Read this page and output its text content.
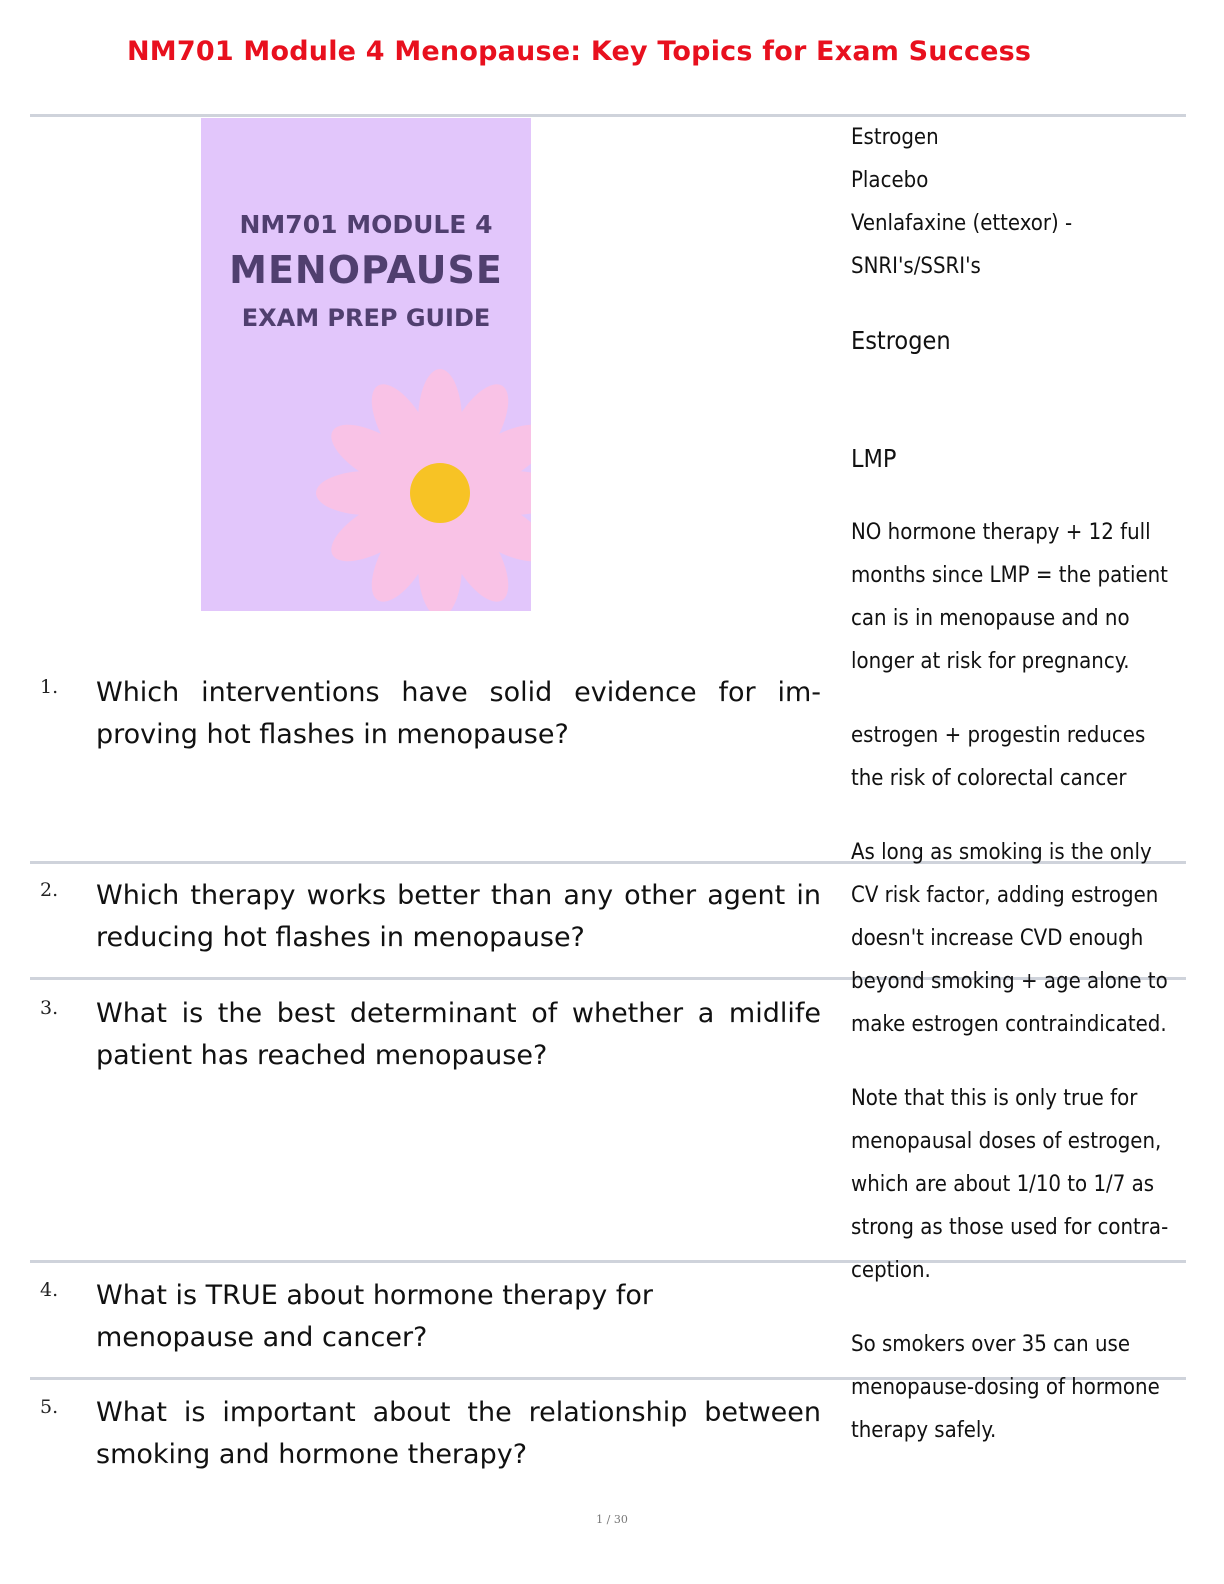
NM701 Module 4 Menopause: Key Topics for Exam Success
NM701 MODULE 4
MENOPAUSE
EXAM PREP GUIDE
1. Which interventions have solid evidence for im-proving hot flashes in menopause?
2. Which therapy works better than any other agent in reducing hot flashes in menopause?
3. What is the best determinant of whether a midlife patient has reached menopause?
4. What is TRUE about hormone therapy for menopause and cancer?
5. What is important about the relationship between smoking and hormone therapy?
Estrogen
Placebo
Venlafaxine (ettexor) -
SNRI's/SSRI's
Estrogen
LMP
NO hormone therapy + 12 full
months since LMP = the patient
can is in menopause and no
longer at risk for pregnancy.
estrogen + progestin reduces
the risk of colorectal cancer
As long as smoking is the only
CV risk factor, adding estrogen
doesn't increase CVD enough
beyond smoking + age alone to
make estrogen contraindicated.
Note that this is only true for
menopausal doses of estrogen,
which are about 1/10 to 1/7 as
strong as those used for contra-
ception.
So smokers over 35 can use
menopause-dosing of hormone
therapy safely.
1 / 30
